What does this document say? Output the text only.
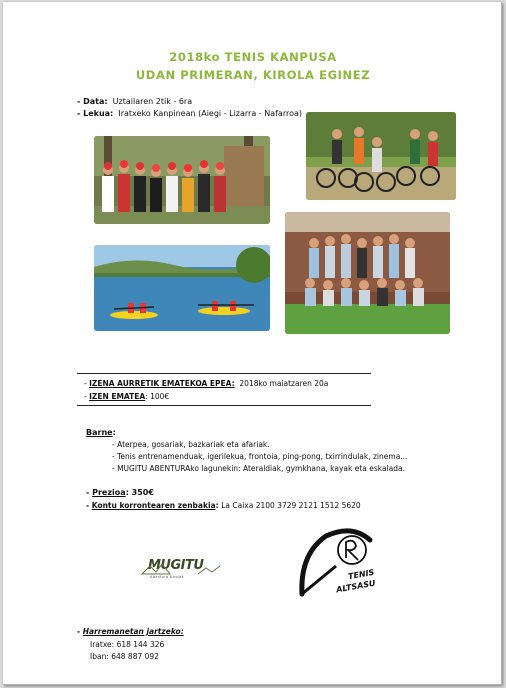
2018ko TENIS KANPUSA
UDAN PRIMERAN, KIROLA EGINEZ
- Data: Uztailaren 2tik - 6ra
- Lekua: Iratxeko Kanpinean (Aiegi - Lizarra - Nafarroa)
- IZENA AURRETIK EMATEKOA EPEA: 2018ko maiatzaren 20a
- IZEN EMATEA: 100€
Barne:
- Aterpea, gosariak, bazkariak eta afariak.
- Tenis entrenamenduak, igerilekua, frontoia, ping-pong, txirrindulak, zinema...
- MUGITU ABENTURAko lagunekin: Ateraldiak, gymkhana, kayak eta eskalada.
- Prezioa: 350€
- Kontu korrontearen zenbakia: La Caixa 2100 3729 2121 1512 5620
MUGITU
Abentura Kirolak	TENIS
ALTSASU
- Harremanetan jartzeko:
Iratxe: 618 144 326
Iban: 648 887 092
